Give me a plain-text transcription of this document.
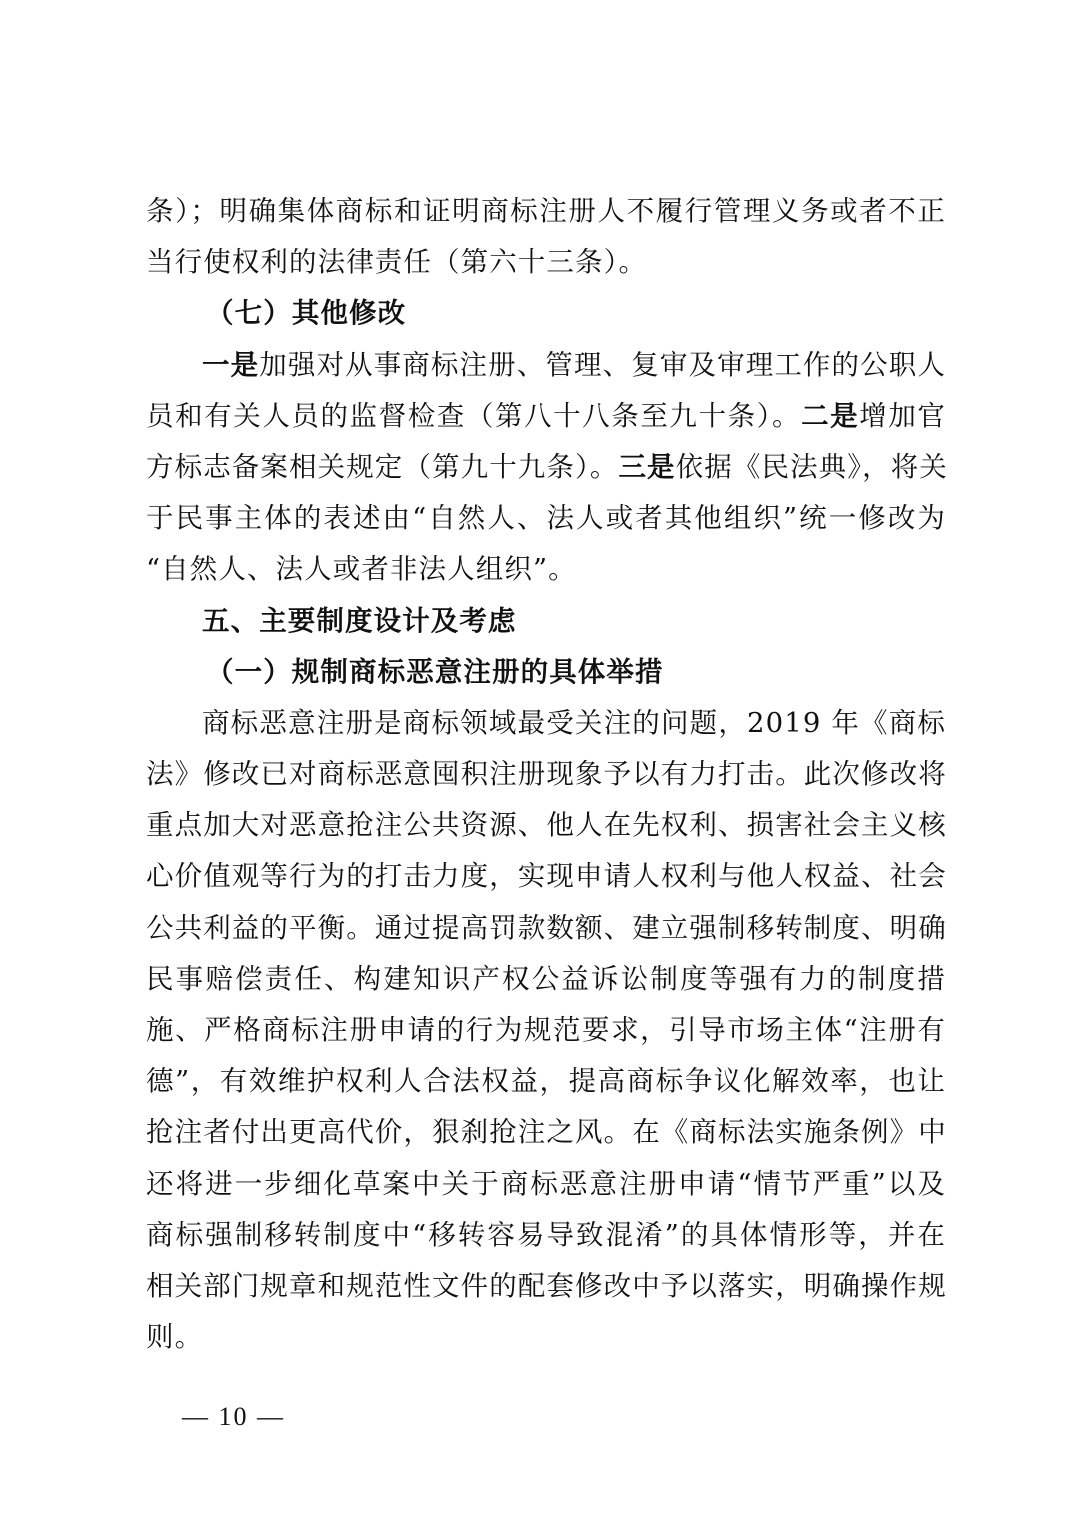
条）；明确集体商标和证明商标注册人不履行管理义务或者不正
当行使权利的法律责任（第六十三条）。
（七）其他修改
一是加强对从事商标注册、管理、复审及审理工作的公职人
员和有关人员的监督检查（第八十八条至九十条）。二是增加官
方标志备案相关规定（第九十九条）。三是依据《民法典》，将关
于民事主体的表述由“自然人、法人或者其他组织”统一修改为
“自然人、法人或者非法人组织”。
五、主要制度设计及考虑
（一）规制商标恶意注册的具体举措
商标恶意注册是商标领域最受关注的问题，2019 年《商标
法》修改已对商标恶意囤积注册现象予以有力打击。此次修改将
重点加大对恶意抢注公共资源、他人在先权利、损害社会主义核
心价值观等行为的打击力度，实现申请人权利与他人权益、社会
公共利益的平衡。通过提高罚款数额、建立强制移转制度、明确
民事赔偿责任、构建知识产权公益诉讼制度等强有力的制度措
施、严格商标注册申请的行为规范要求，引导市场主体“注册有
德”，有效维护权利人合法权益，提高商标争议化解效率，也让
抢注者付出更高代价，狠刹抢注之风。在《商标法实施条例》中
还将进一步细化草案中关于商标恶意注册申请“情节严重”以及
商标强制移转制度中“移转容易导致混淆”的具体情形等，并在
相关部门规章和规范性文件的配套修改中予以落实，明确操作规
则。
— 10 —
